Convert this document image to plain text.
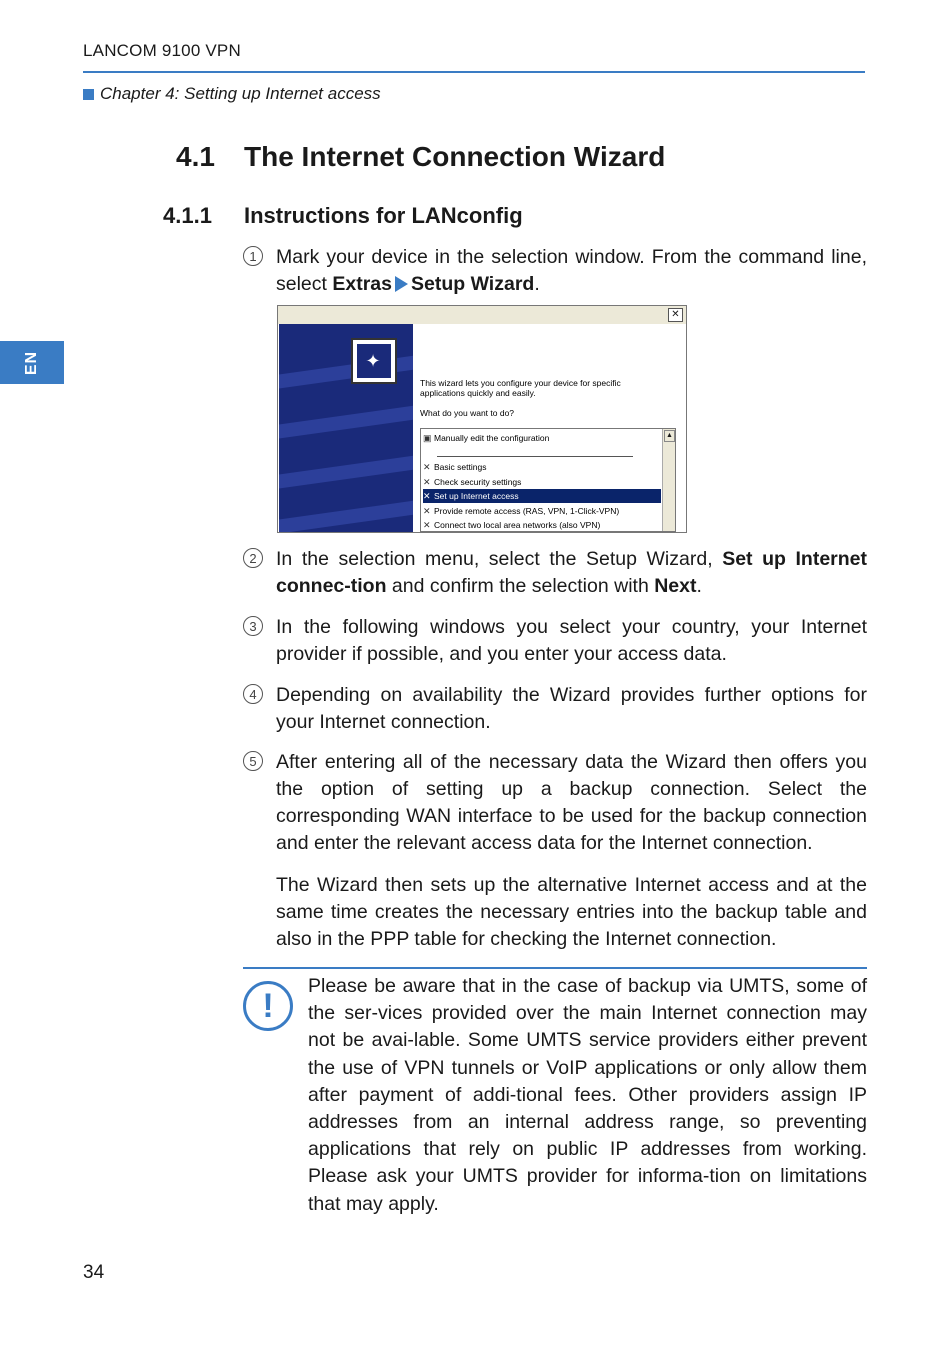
LANCOM 9100 VPN
Chapter 4: Setting up Internet access
EN
4.1 The Internet Connection Wizard
4.1.1 Instructions for LANconfig
1 Mark your device in the selection window. From the command line, select Extras Setup Wizard.
✕
✦
This wizard lets you configure your device for specific
applications quickly and easily.
What do you want to do?
▣ Manually edit the configuration
✕ Basic settings
✕ Check security settings
✕ Set up Internet access
✕ Provide remote access (RAS, VPN, 1-Click-VPN)
✕ Connect two local area networks (also VPN)
▲
2 In the selection menu, select the Setup Wizard, Set up Internet connec-tion and confirm the selection with Next.
3 In the following windows you select your country, your Internet provider if possible, and you enter your access data.
4 Depending on availability the Wizard provides further options for your Internet connection.
5 After entering all of the necessary data the Wizard then offers you the option of setting up a backup connection. Select the corresponding WAN interface to be used for the backup connection and enter the relevant access data for the Internet connection.
The Wizard then sets up the alternative Internet access and at the same time creates the necessary entries into the backup table and also in the PPP table for checking the Internet connection.
!
Please be aware that in the case of backup via UMTS, some of the ser-vices provided over the main Internet connection may not be avai-lable. Some UMTS service providers either prevent the use of VPN tunnels or VoIP applications or only allow them after payment of addi-tional fees. Other providers assign IP addresses from an internal address range, so preventing applications that rely on public IP addresses from working. Please ask your UMTS provider for informa-tion on limitations that may apply.
34
